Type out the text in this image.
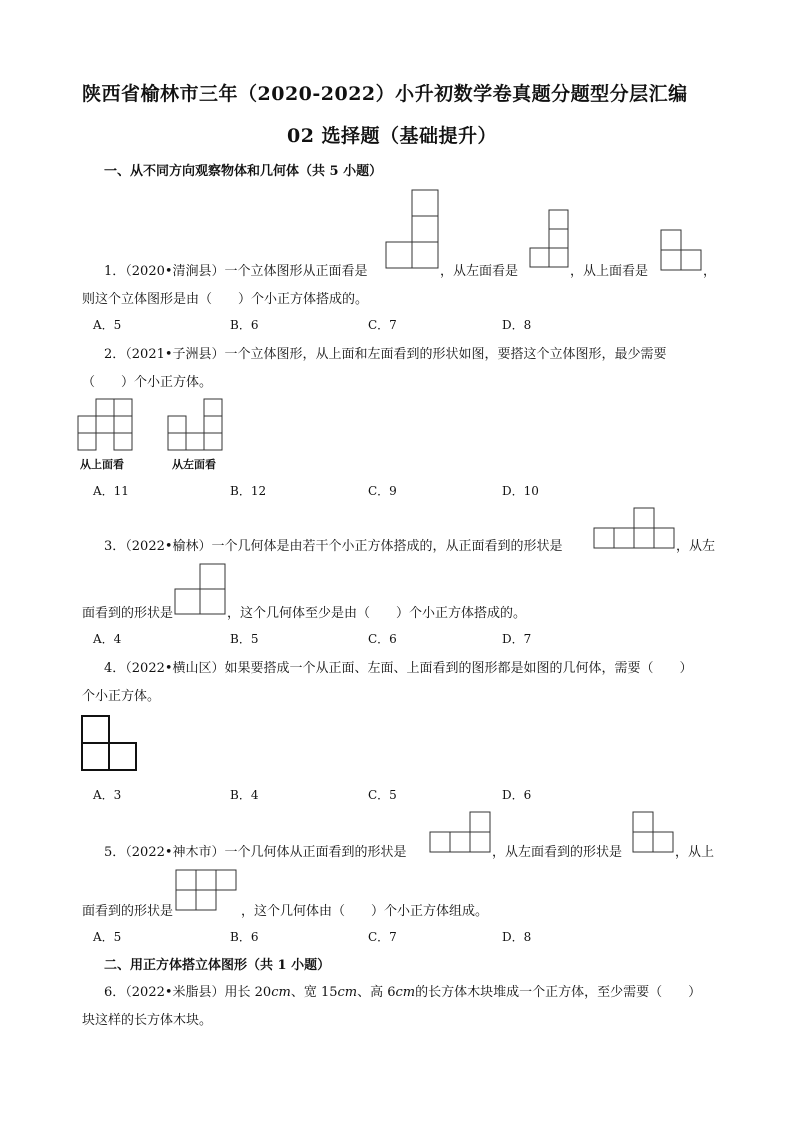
陕西省榆林市三年（2020-2022）小升初数学卷真题分题型分层汇编
02 选择题（基础提升）
一、从不同方向观察物体和几何体（共 5 小题）
1．（2020•清涧县）一个立体图形从正面看是	，从左面看是	，从上面看是	，
则这个立体图形是由（　　）个小正方体搭成的。
A．5	B．6	C．7	D．8
2．（2021•子洲县）一个立体图形，从上面和左面看到的形状如图，要搭这个立体图形，最少需要
（　　）个小正方体。
从上面看	从左面看
A．11	B．12	C．9	D．10
3．（2022•榆林）一个几何体是由若干个小正方体搭成的，从正面看到的形状是	，从左
面看到的形状是	，这个几何体至少是由（　　）个小正方体搭成的。
A．4	B．5	C．6	D．7
4．（2022•横山区）如果要搭成一个从正面、左面、上面看到的图形都是如图的几何体，需要（　　）
个小正方体。
A．3	B．4	C．5	D．6
5．（2022•神木市）一个几何体从正面看到的形状是	，从左面看到的形状是	，从上
面看到的形状是	，这个几何体由（　　）个小正方体组成。
A．5	B．6	C．7	D．8
二、用正方体搭立体图形（共 1 小题）
6．（2022•米脂县）用长 20cm、宽 15cm、高 6cm的长方体木块堆成一个正方体，至少需要（　　）
块这样的长方体木块。
